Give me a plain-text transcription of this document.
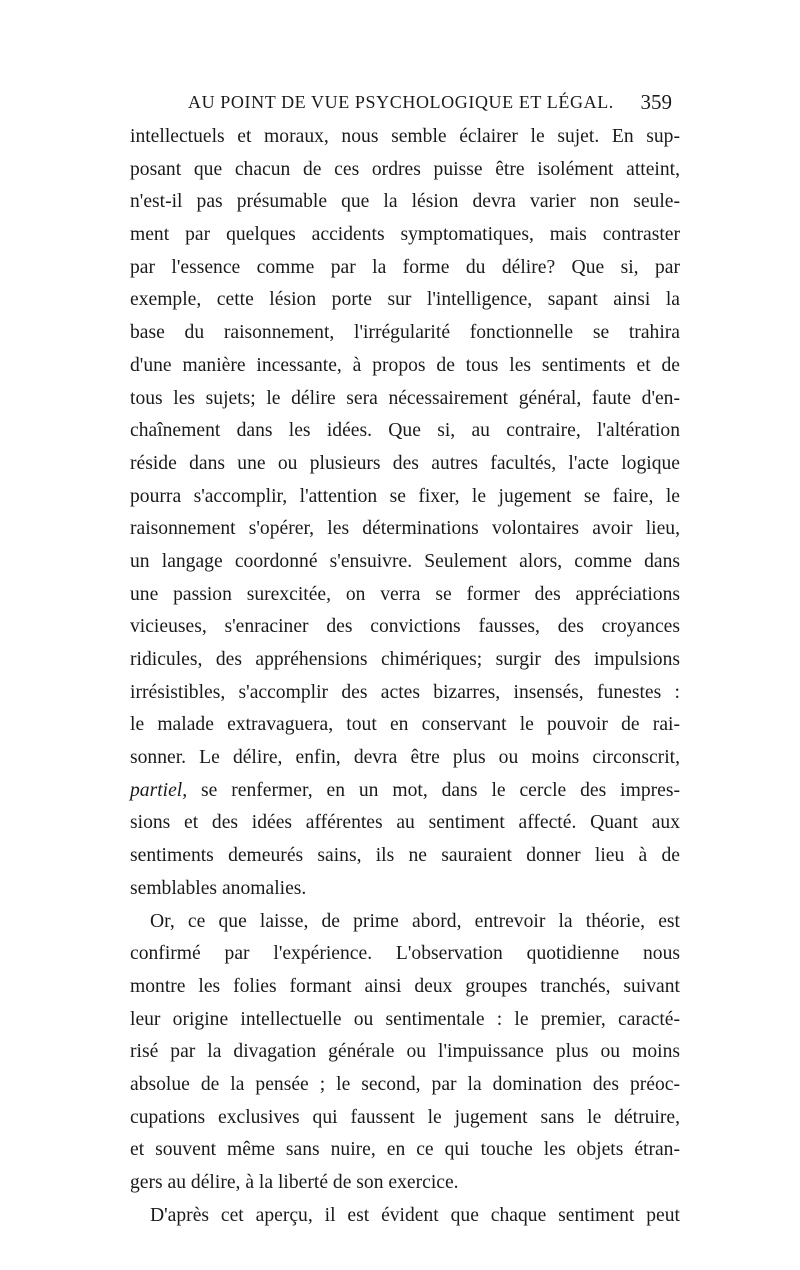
AU POINT DE VUE PSYCHOLOGIQUE ET LÉGAL. 359
intellectuels et moraux, nous semble éclairer le sujet. En sup-
posant que chacun de ces ordres puisse être isolément atteint,
n'est-il pas présumable que la lésion devra varier non seule-
ment par quelques accidents symptomatiques, mais contraster
par l'essence comme par la forme du délire? Que si, par
exemple, cette lésion porte sur l'intelligence, sapant ainsi la
base du raisonnement, l'irrégularité fonctionnelle se trahira
d'une manière incessante, à propos de tous les sentiments et de
tous les sujets; le délire sera nécessairement général, faute d'en-
chaînement dans les idées. Que si, au contraire, l'altération
réside dans une ou plusieurs des autres facultés, l'acte logique
pourra s'accomplir, l'attention se fixer, le jugement se faire, le
raisonnement s'opérer, les déterminations volontaires avoir lieu,
un langage coordonné s'ensuivre. Seulement alors, comme dans
une passion surexcitée, on verra se former des appréciations
vicieuses, s'enraciner des convictions fausses, des croyances
ridicules, des appréhensions chimériques; surgir des impulsions
irrésistibles, s'accomplir des actes bizarres, insensés, funestes :
le malade extravaguera, tout en conservant le pouvoir de rai-
sonner. Le délire, enfin, devra être plus ou moins circonscrit,
partiel, se renfermer, en un mot, dans le cercle des impres-
sions et des idées afférentes au sentiment affecté. Quant aux
sentiments demeurés sains, ils ne sauraient donner lieu à de
semblables anomalies.
Or, ce que laisse, de prime abord, entrevoir la théorie, est
confirmé par l'expérience. L'observation quotidienne nous
montre les folies formant ainsi deux groupes tranchés, suivant
leur origine intellectuelle ou sentimentale : le premier, caracté-
risé par la divagation générale ou l'impuissance plus ou moins
absolue de la pensée ; le second, par la domination des préoc-
cupations exclusives qui faussent le jugement sans le détruire,
et souvent même sans nuire, en ce qui touche les objets étran-
gers au délire, à la liberté de son exercice.
D'après cet aperçu, il est évident que chaque sentiment peut
